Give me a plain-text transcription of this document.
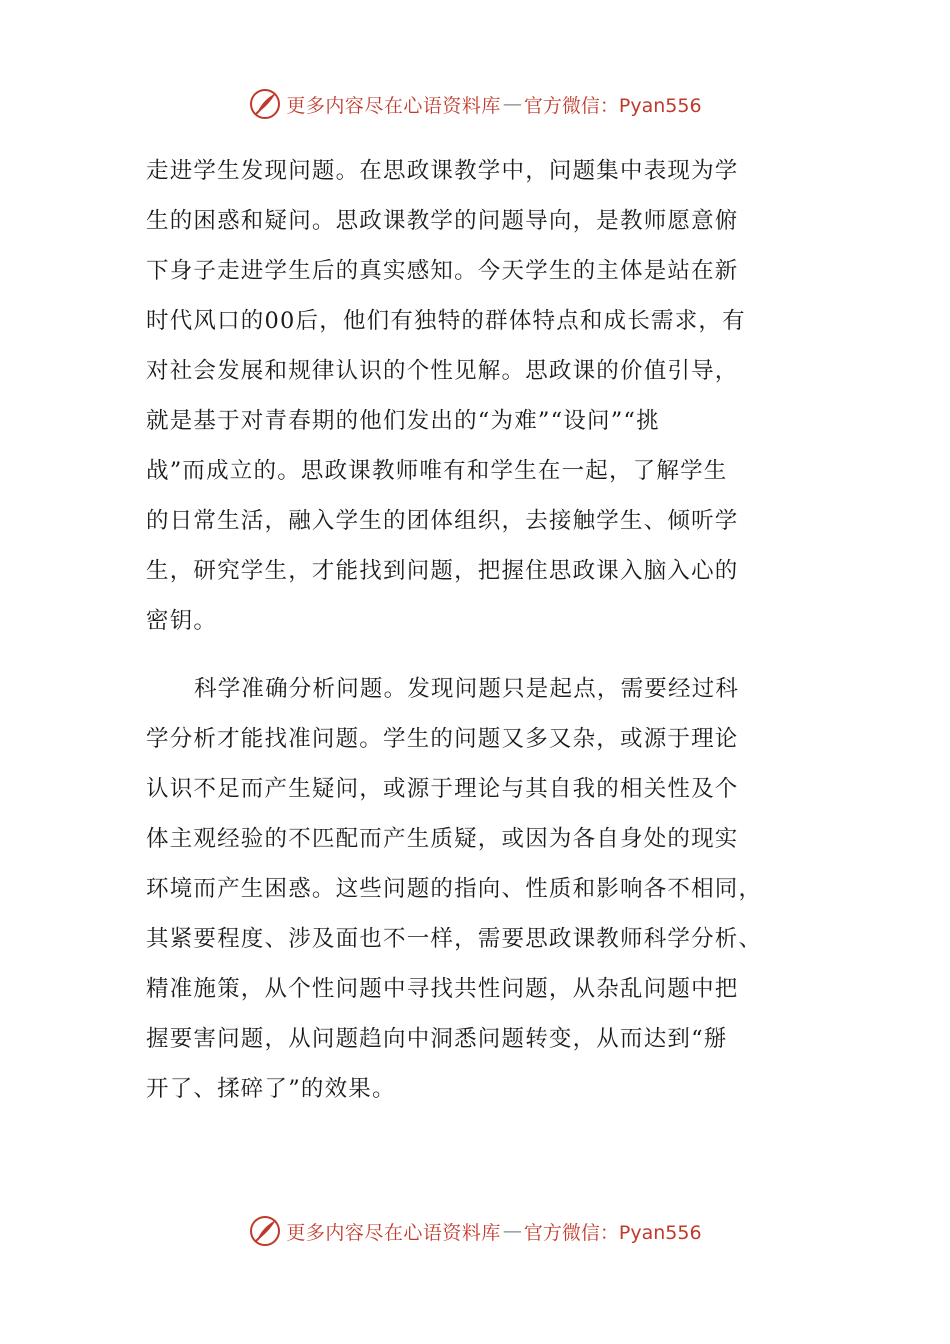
更多内容尽在心语资料库 — 官方微信：Pyan556
走进学生发现问题。在思政课教学中，问题集中表现为学
生的困惑和疑问。思政课教学的问题导向，是教师愿意俯
下身子走进学生后的真实感知。今天学生的主体是站在新
时代风口的00后，他们有独特的群体特点和成长需求，有
对社会发展和规律认识的个性见解。思政课的价值引导，
就是基于对青春期的他们发出的“为难”“设问”“挑
战”而成立的。思政课教师唯有和学生在一起，了解学生
的日常生活，融入学生的团体组织，去接触学生、倾听学
生，研究学生，才能找到问题，把握住思政课入脑入心的
密钥。
科学准确分析问题。发现问题只是起点，需要经过科
学分析才能找准问题。学生的问题又多又杂，或源于理论
认识不足而产生疑问，或源于理论与其自我的相关性及个
体主观经验的不匹配而产生质疑，或因为各自身处的现实
环境而产生困惑。这些问题的指向、性质和影响各不相同，
其紧要程度、涉及面也不一样，需要思政课教师科学分析、
精准施策，从个性问题中寻找共性问题，从杂乱问题中把
握要害问题，从问题趋向中洞悉问题转变，从而达到“掰
开了、揉碎了”的效果。
更多内容尽在心语资料库 — 官方微信：Pyan556
